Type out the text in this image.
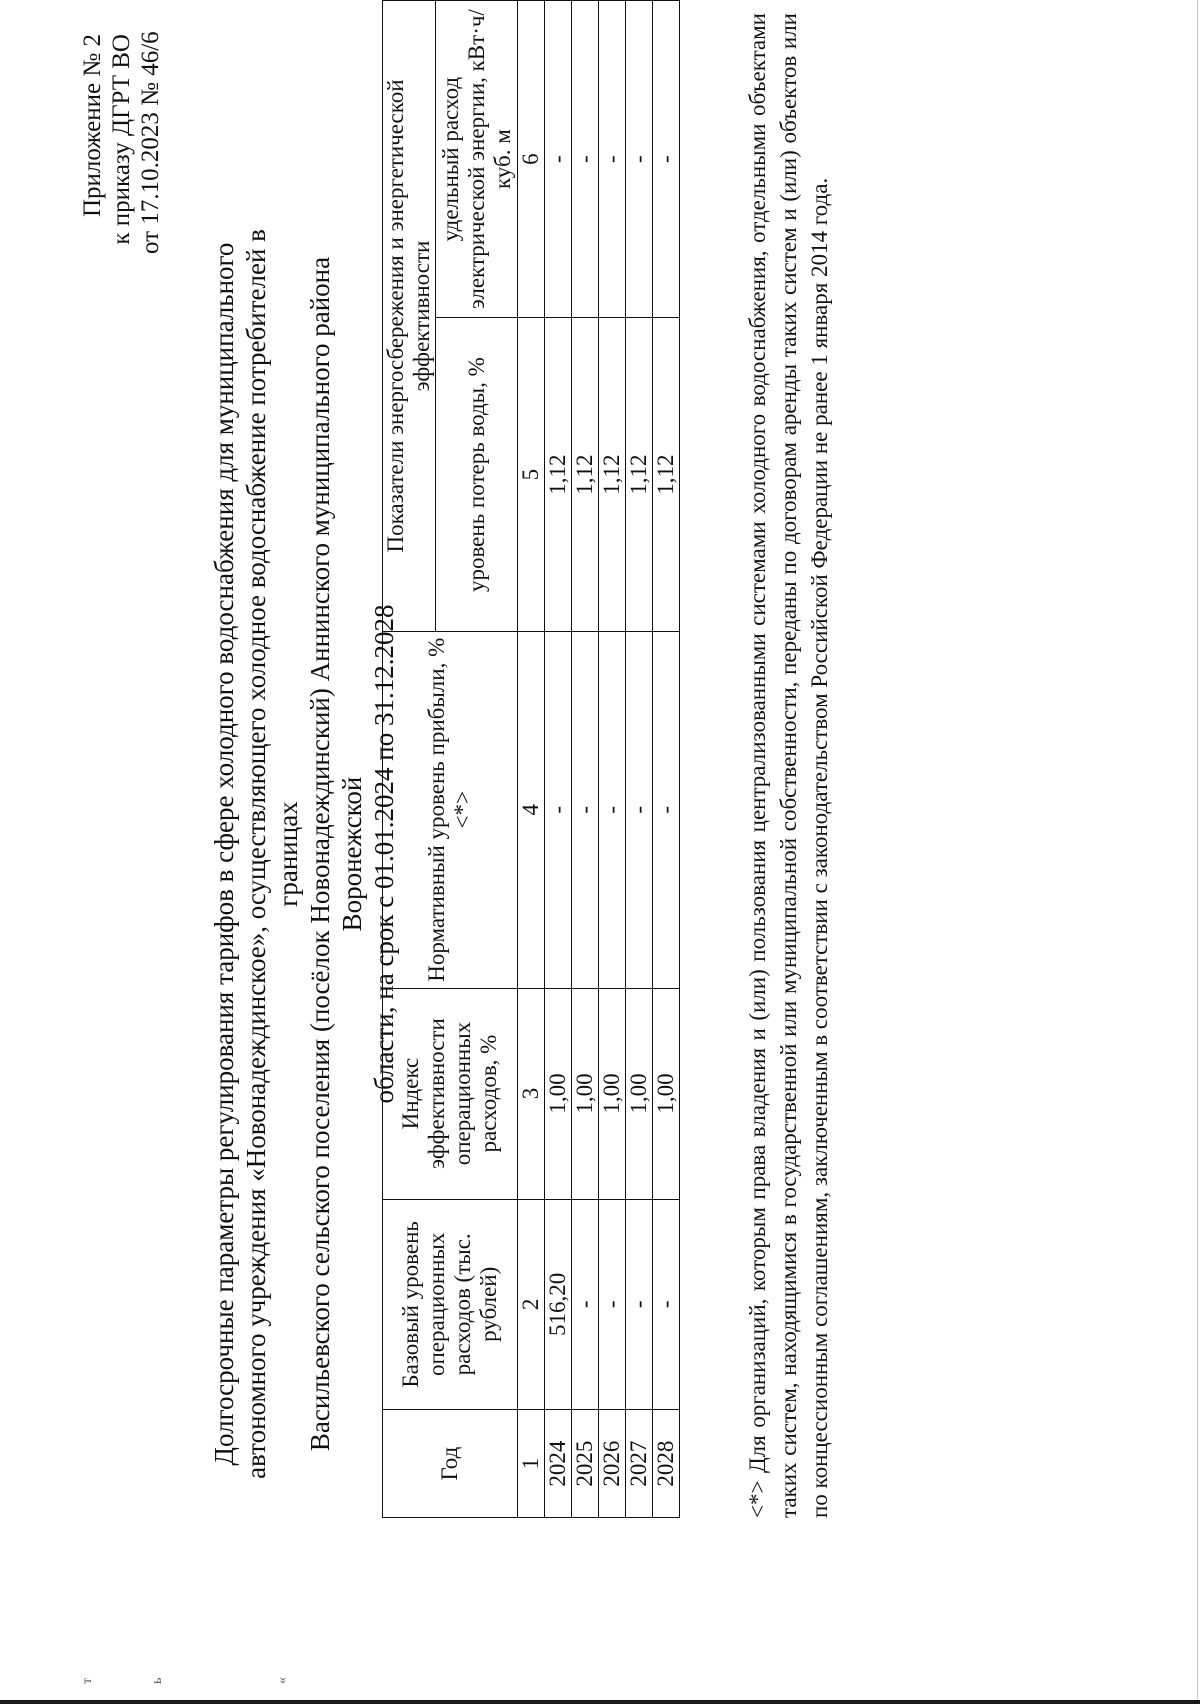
т	ь	«
Приложение № 2 к приказу ДГРТ ВО от 17.10.2023 № 46/6
Долгосрочные параметры регулирования тарифов в сфере холодного водоснабжения для муниципального автономного учреждения «Новонадеждинское», осуществляющего холодное водоснабжение потребителей в границах Васильевского сельского поселения (посёлок Новонадеждинский) Аннинского муниципального района Воронежской области, на срок с 01.01.2024 по 31.12.2028
Год	Базовый уровень операционных расходов (тыс. рублей)	Индекс эффективности операционных расходов, %	Нормативный уровень прибыли, % <*>	Показатели энергосбережения и энергетической эффективности	
				уровень потерь воды, %	удельный расход электрической энергии, кВт·ч/куб. м
1	2	3	4	5	6
2024	516,20	1,00	-	1,12	-
2025	-	1,00	-	1,12	-
2026	-	1,00	-	1,12	-
2027	-	1,00	-	1,12	-
2028	-	1,00	-	1,12	-	<*> Для организаций, которым права владения и (или) пользования централизованными системами холодного водоснабжения, отдельными объектами таких систем, находящимися в государственной или муниципальной собственности, переданы по договорам аренды таких систем и (или) объектов или по концессионным соглашениям, заключенным в соответствии с законодательством Российской Федерации не ранее 1 января 2014 года.
